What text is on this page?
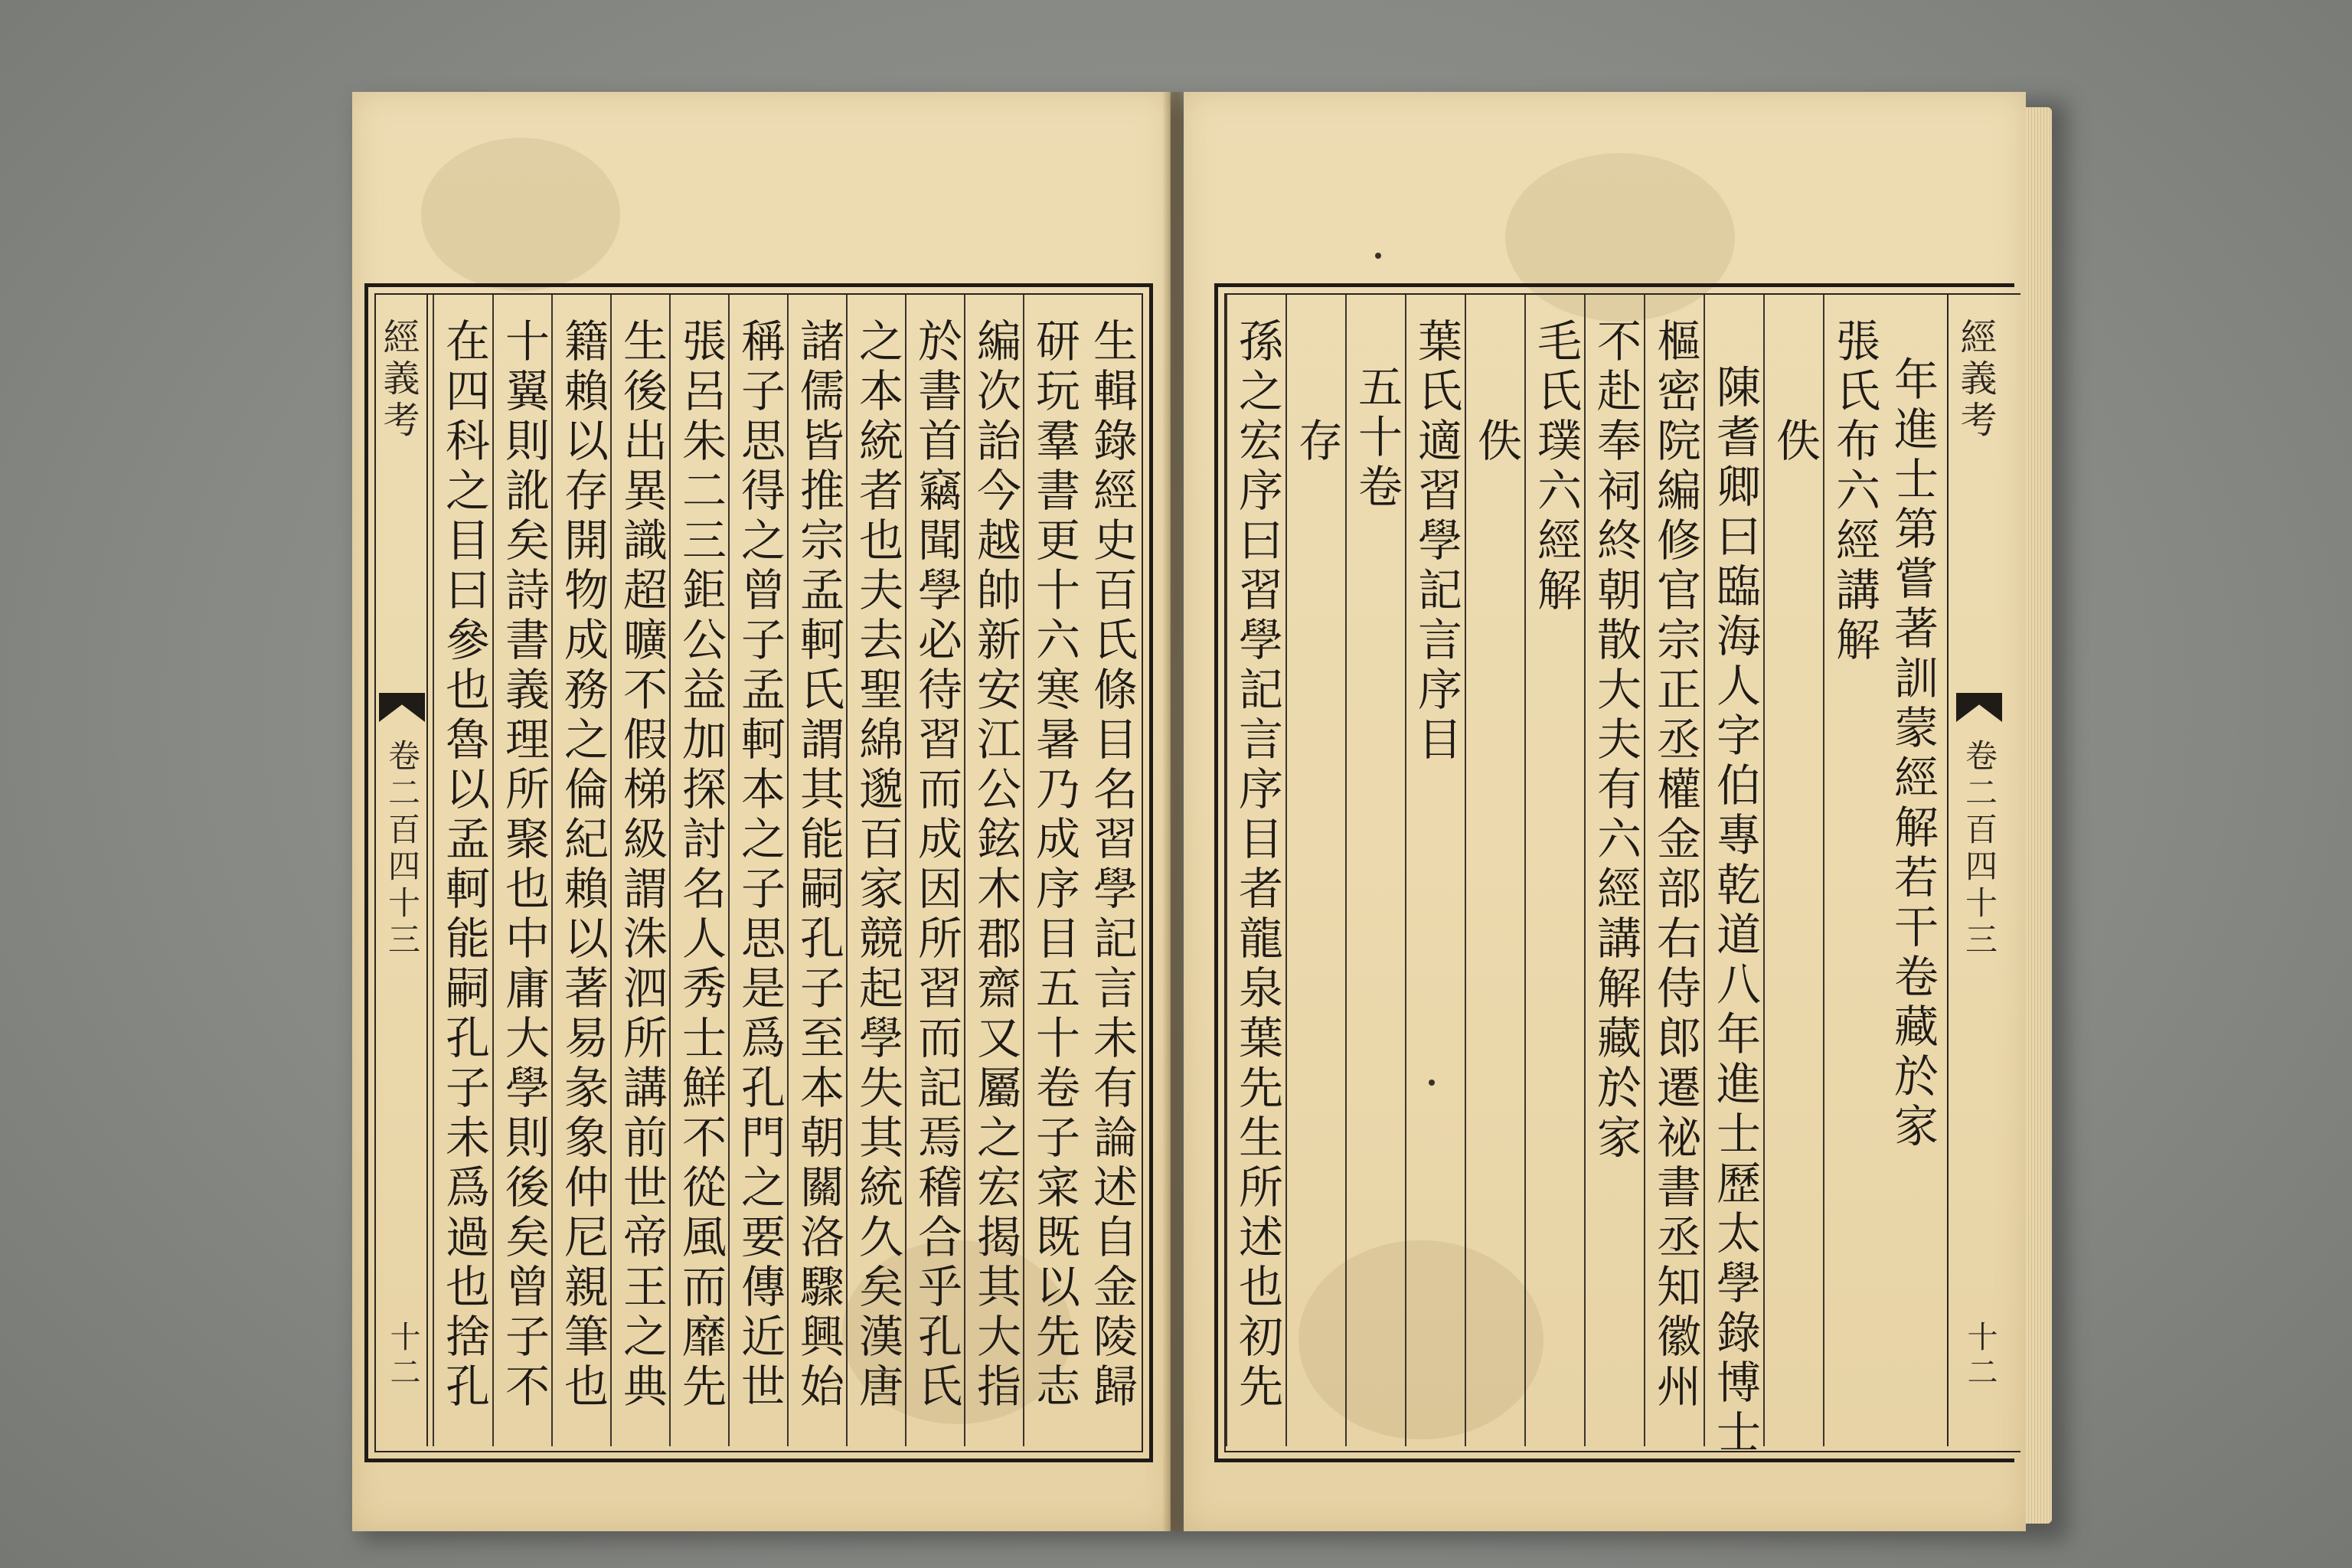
生輯錄經史百氏條目名習學記言未有論述自金陵歸
研玩羣書更十六寒暑乃成序目五十卷子寀既以先志
編次詒今越帥新安江公鉉木郡齋又屬之宏揭其大指
於書首竊聞學必待習而成因所習而記焉稽合乎孔氏
之本統者也夫去聖綿邈百家競起學失其統久矣漢唐
諸儒皆推宗孟軻氏謂其能嗣孔子至本朝關洛驟興始
稱子思得之曾子孟軻本之子思是爲孔門之要傳近世
張呂朱二三鉅公益加探討名人秀士鮮不從風而靡先
生後出異識超曠不假梯級謂洙泗所講前世帝王之典
籍賴以存開物成務之倫紀賴以著易彖象仲尼親筆也
十翼則訛矣詩書義理所聚也中庸大學則後矣曾子不
在四科之目曰參也魯以孟軻能嗣孔子未爲過也捨孔
經義考
卷二百四十三
十二
年進士第嘗著訓蒙經解若干卷藏於家
張氏布六經講解
佚
陳耆卿曰臨海人字伯專乾道八年進士歷太學錄博士
樞密院編修官宗正丞權金部右侍郎遷祕書丞知徽州
不赴奉祠終朝散大夫有六經講解藏於家
毛氏璞六經解
佚
葉氏適習學記言序目
五十卷
存
孫之宏序曰習學記言序目者龍泉葉先生所述也初先	經義考
卷二百四十三
十二
